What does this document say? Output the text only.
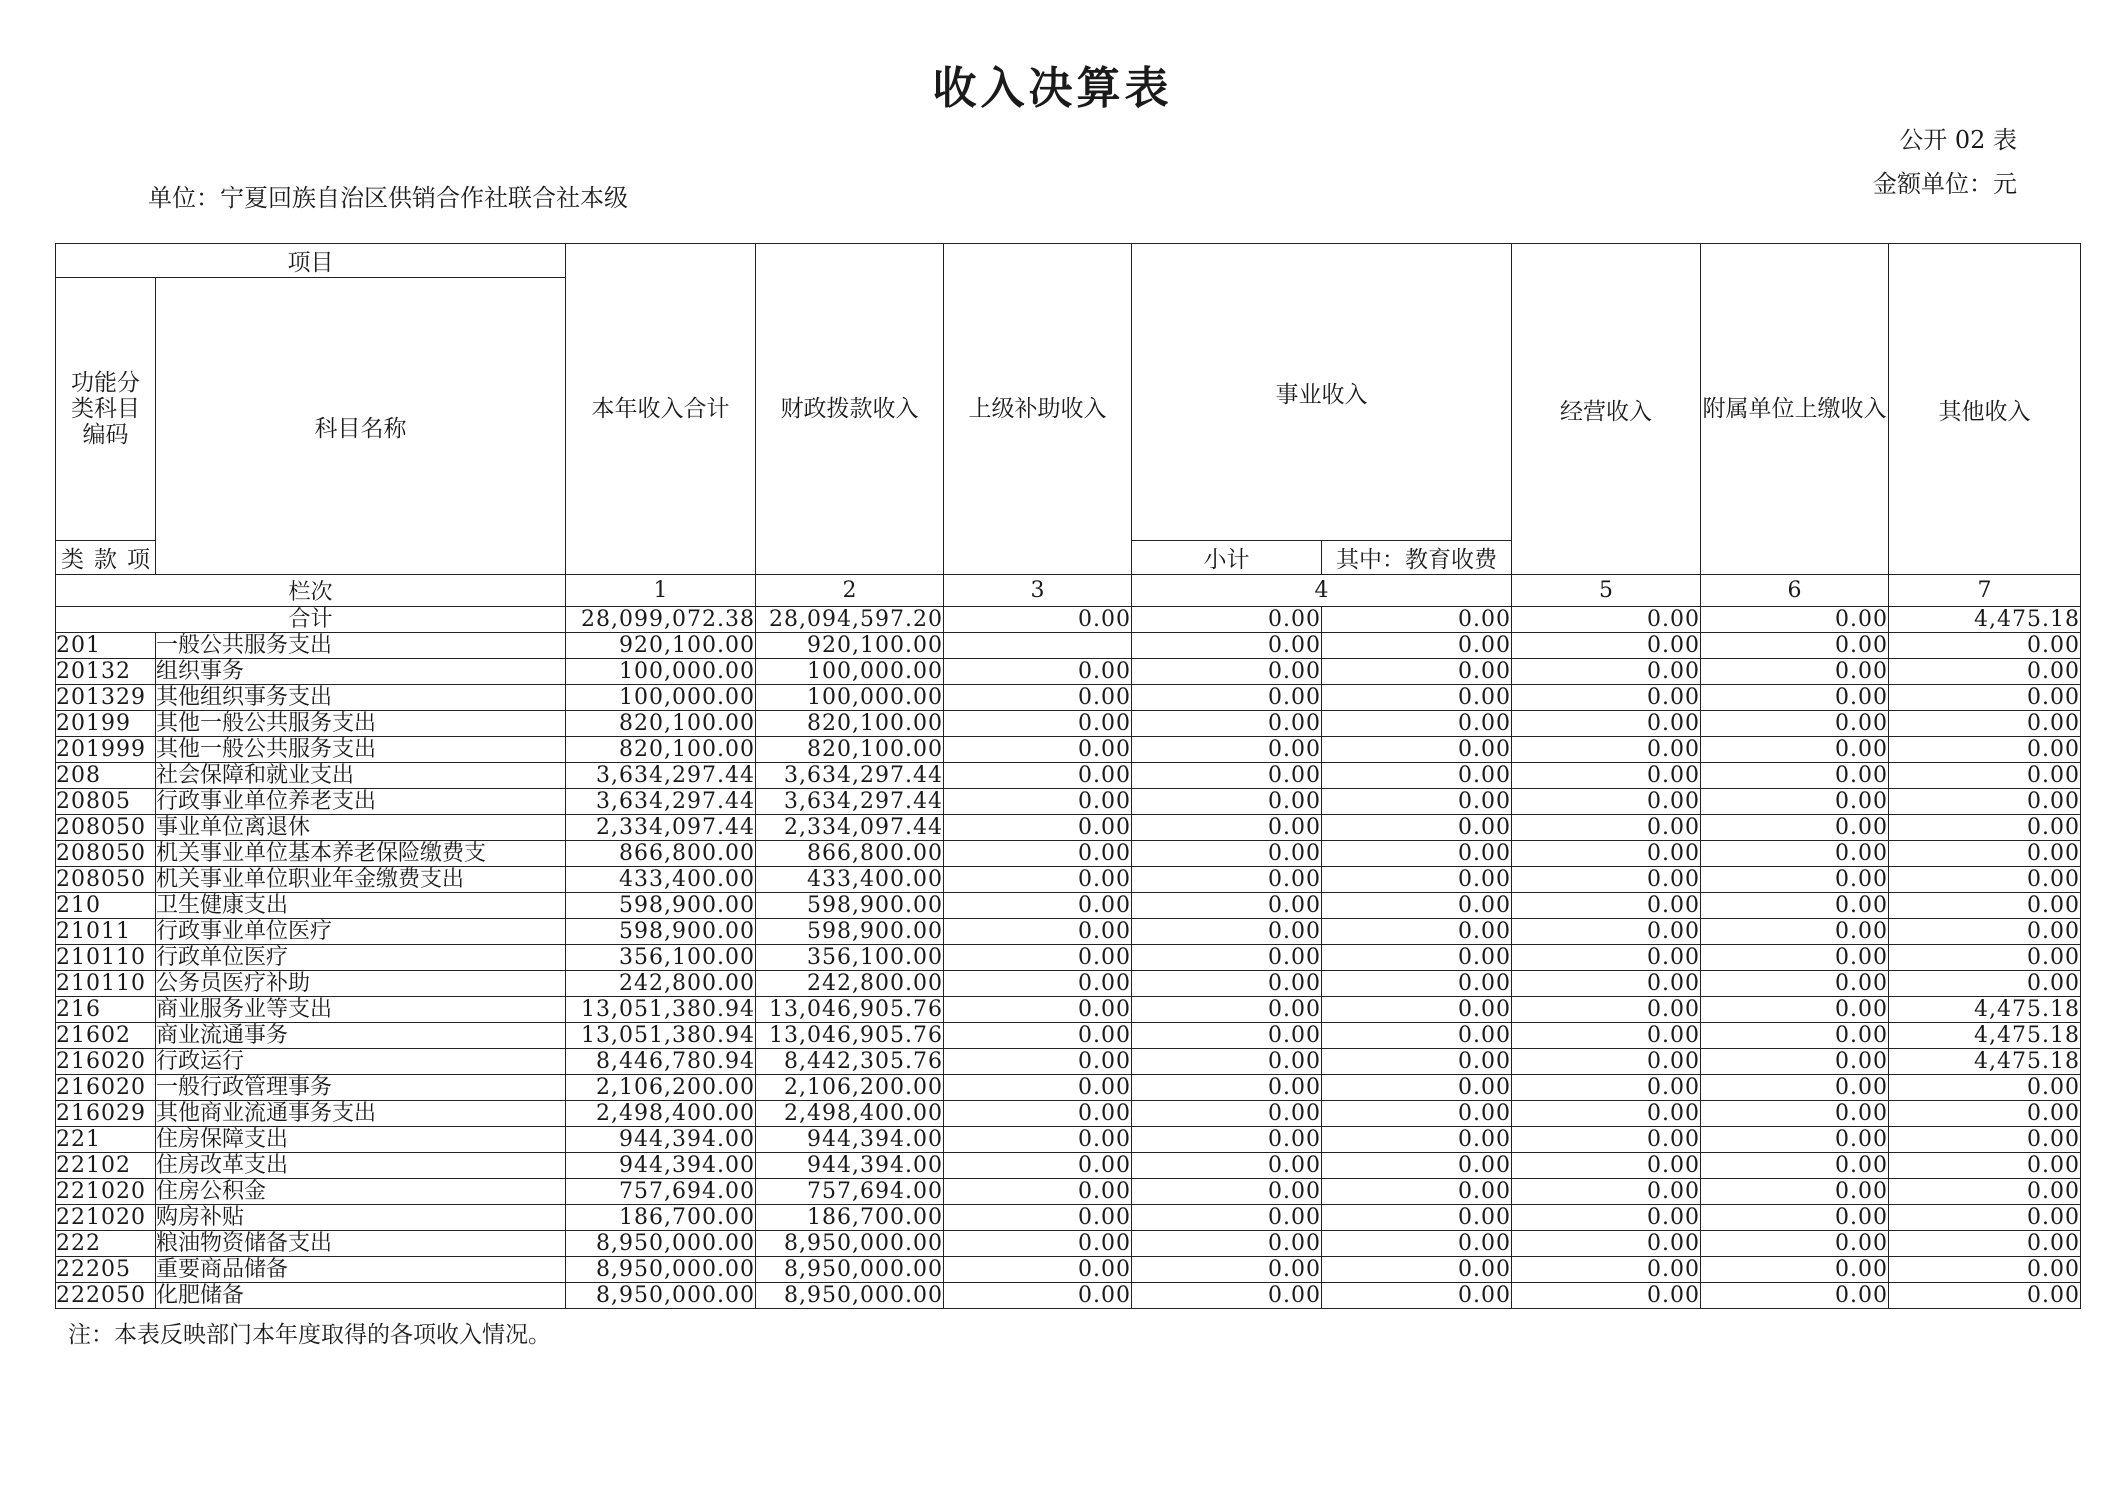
收入决算表
公开 02 表
单位：宁夏回族自治区供销合作社联合社本级	金额单位：元
项目		本年收入合计	财政拨款收入	上级补助收入	事业收入		经营收入	附属单位上缴收入	其他收入
功能分类科目编码	科目名称								

类 款 项					小计	其中：教育收费			
栏次		1	2	3	4		5	6	7
合计		28,099,072.38	28,094,597.20	0.00	0.00	0.00	0.00	0.00	4,475.18
201	一般公共服务支出	920,100.00	920,100.00		0.00	0.00	0.00	0.00	0.00
20132	组织事务	100,000.00	100,000.00	0.00	0.00	0.00	0.00	0.00	0.00
201329	其他组织事务支出	100,000.00	100,000.00	0.00	0.00	0.00	0.00	0.00	0.00
20199	其他一般公共服务支出	820,100.00	820,100.00	0.00	0.00	0.00	0.00	0.00	0.00
201999	其他一般公共服务支出	820,100.00	820,100.00	0.00	0.00	0.00	0.00	0.00	0.00
208	社会保障和就业支出	3,634,297.44	3,634,297.44	0.00	0.00	0.00	0.00	0.00	0.00
20805	行政事业单位养老支出	3,634,297.44	3,634,297.44	0.00	0.00	0.00	0.00	0.00	0.00
208050	事业单位离退休	2,334,097.44	2,334,097.44	0.00	0.00	0.00	0.00	0.00	0.00
208050	机关事业单位基本养老保险缴费支	866,800.00	866,800.00	0.00	0.00	0.00	0.00	0.00	0.00
208050	机关事业单位职业年金缴费支出	433,400.00	433,400.00	0.00	0.00	0.00	0.00	0.00	0.00
210	卫生健康支出	598,900.00	598,900.00	0.00	0.00	0.00	0.00	0.00	0.00
21011	行政事业单位医疗	598,900.00	598,900.00	0.00	0.00	0.00	0.00	0.00	0.00
210110	行政单位医疗	356,100.00	356,100.00	0.00	0.00	0.00	0.00	0.00	0.00
210110	公务员医疗补助	242,800.00	242,800.00	0.00	0.00	0.00	0.00	0.00	0.00
216	商业服务业等支出	13,051,380.94	13,046,905.76	0.00	0.00	0.00	0.00	0.00	4,475.18
21602	商业流通事务	13,051,380.94	13,046,905.76	0.00	0.00	0.00	0.00	0.00	4,475.18
216020	行政运行	8,446,780.94	8,442,305.76	0.00	0.00	0.00	0.00	0.00	4,475.18
216020	一般行政管理事务	2,106,200.00	2,106,200.00	0.00	0.00	0.00	0.00	0.00	0.00
216029	其他商业流通事务支出	2,498,400.00	2,498,400.00	0.00	0.00	0.00	0.00	0.00	0.00
221	住房保障支出	944,394.00	944,394.00	0.00	0.00	0.00	0.00	0.00	0.00
22102	住房改革支出	944,394.00	944,394.00	0.00	0.00	0.00	0.00	0.00	0.00
221020	住房公积金	757,694.00	757,694.00	0.00	0.00	0.00	0.00	0.00	0.00
221020	购房补贴	186,700.00	186,700.00	0.00	0.00	0.00	0.00	0.00	0.00
222	粮油物资储备支出	8,950,000.00	8,950,000.00	0.00	0.00	0.00	0.00	0.00	0.00
22205	重要商品储备	8,950,000.00	8,950,000.00	0.00	0.00	0.00	0.00	0.00	0.00
222050	化肥储备	8,950,000.00	8,950,000.00	0.00	0.00	0.00	0.00	0.00	0.00
注：本表反映部门本年度取得的各项收入情况。
